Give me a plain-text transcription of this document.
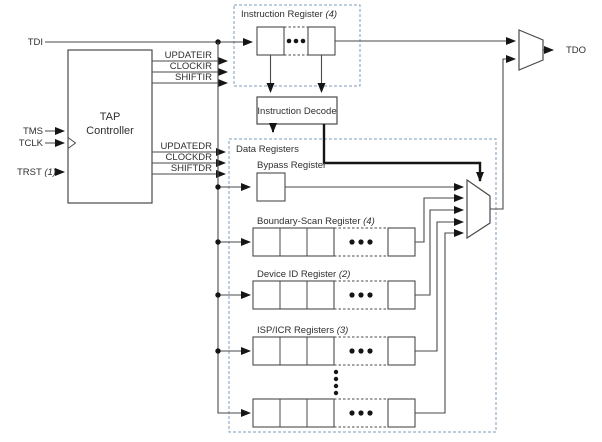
TAP
Controller
TDI
TMS
TCLK
TRST (1)
UPDATEIR
CLOCKIR
SHIFTIR
UPDATEDR
CLOCKDR
SHIFTDR
Instruction Register (4)
Instruction Decode
Data Registers
Bypass Register
Boundary-Scan Register (4)
Device ID Register (2)
ISP/ICR Registers (3)
TDO
